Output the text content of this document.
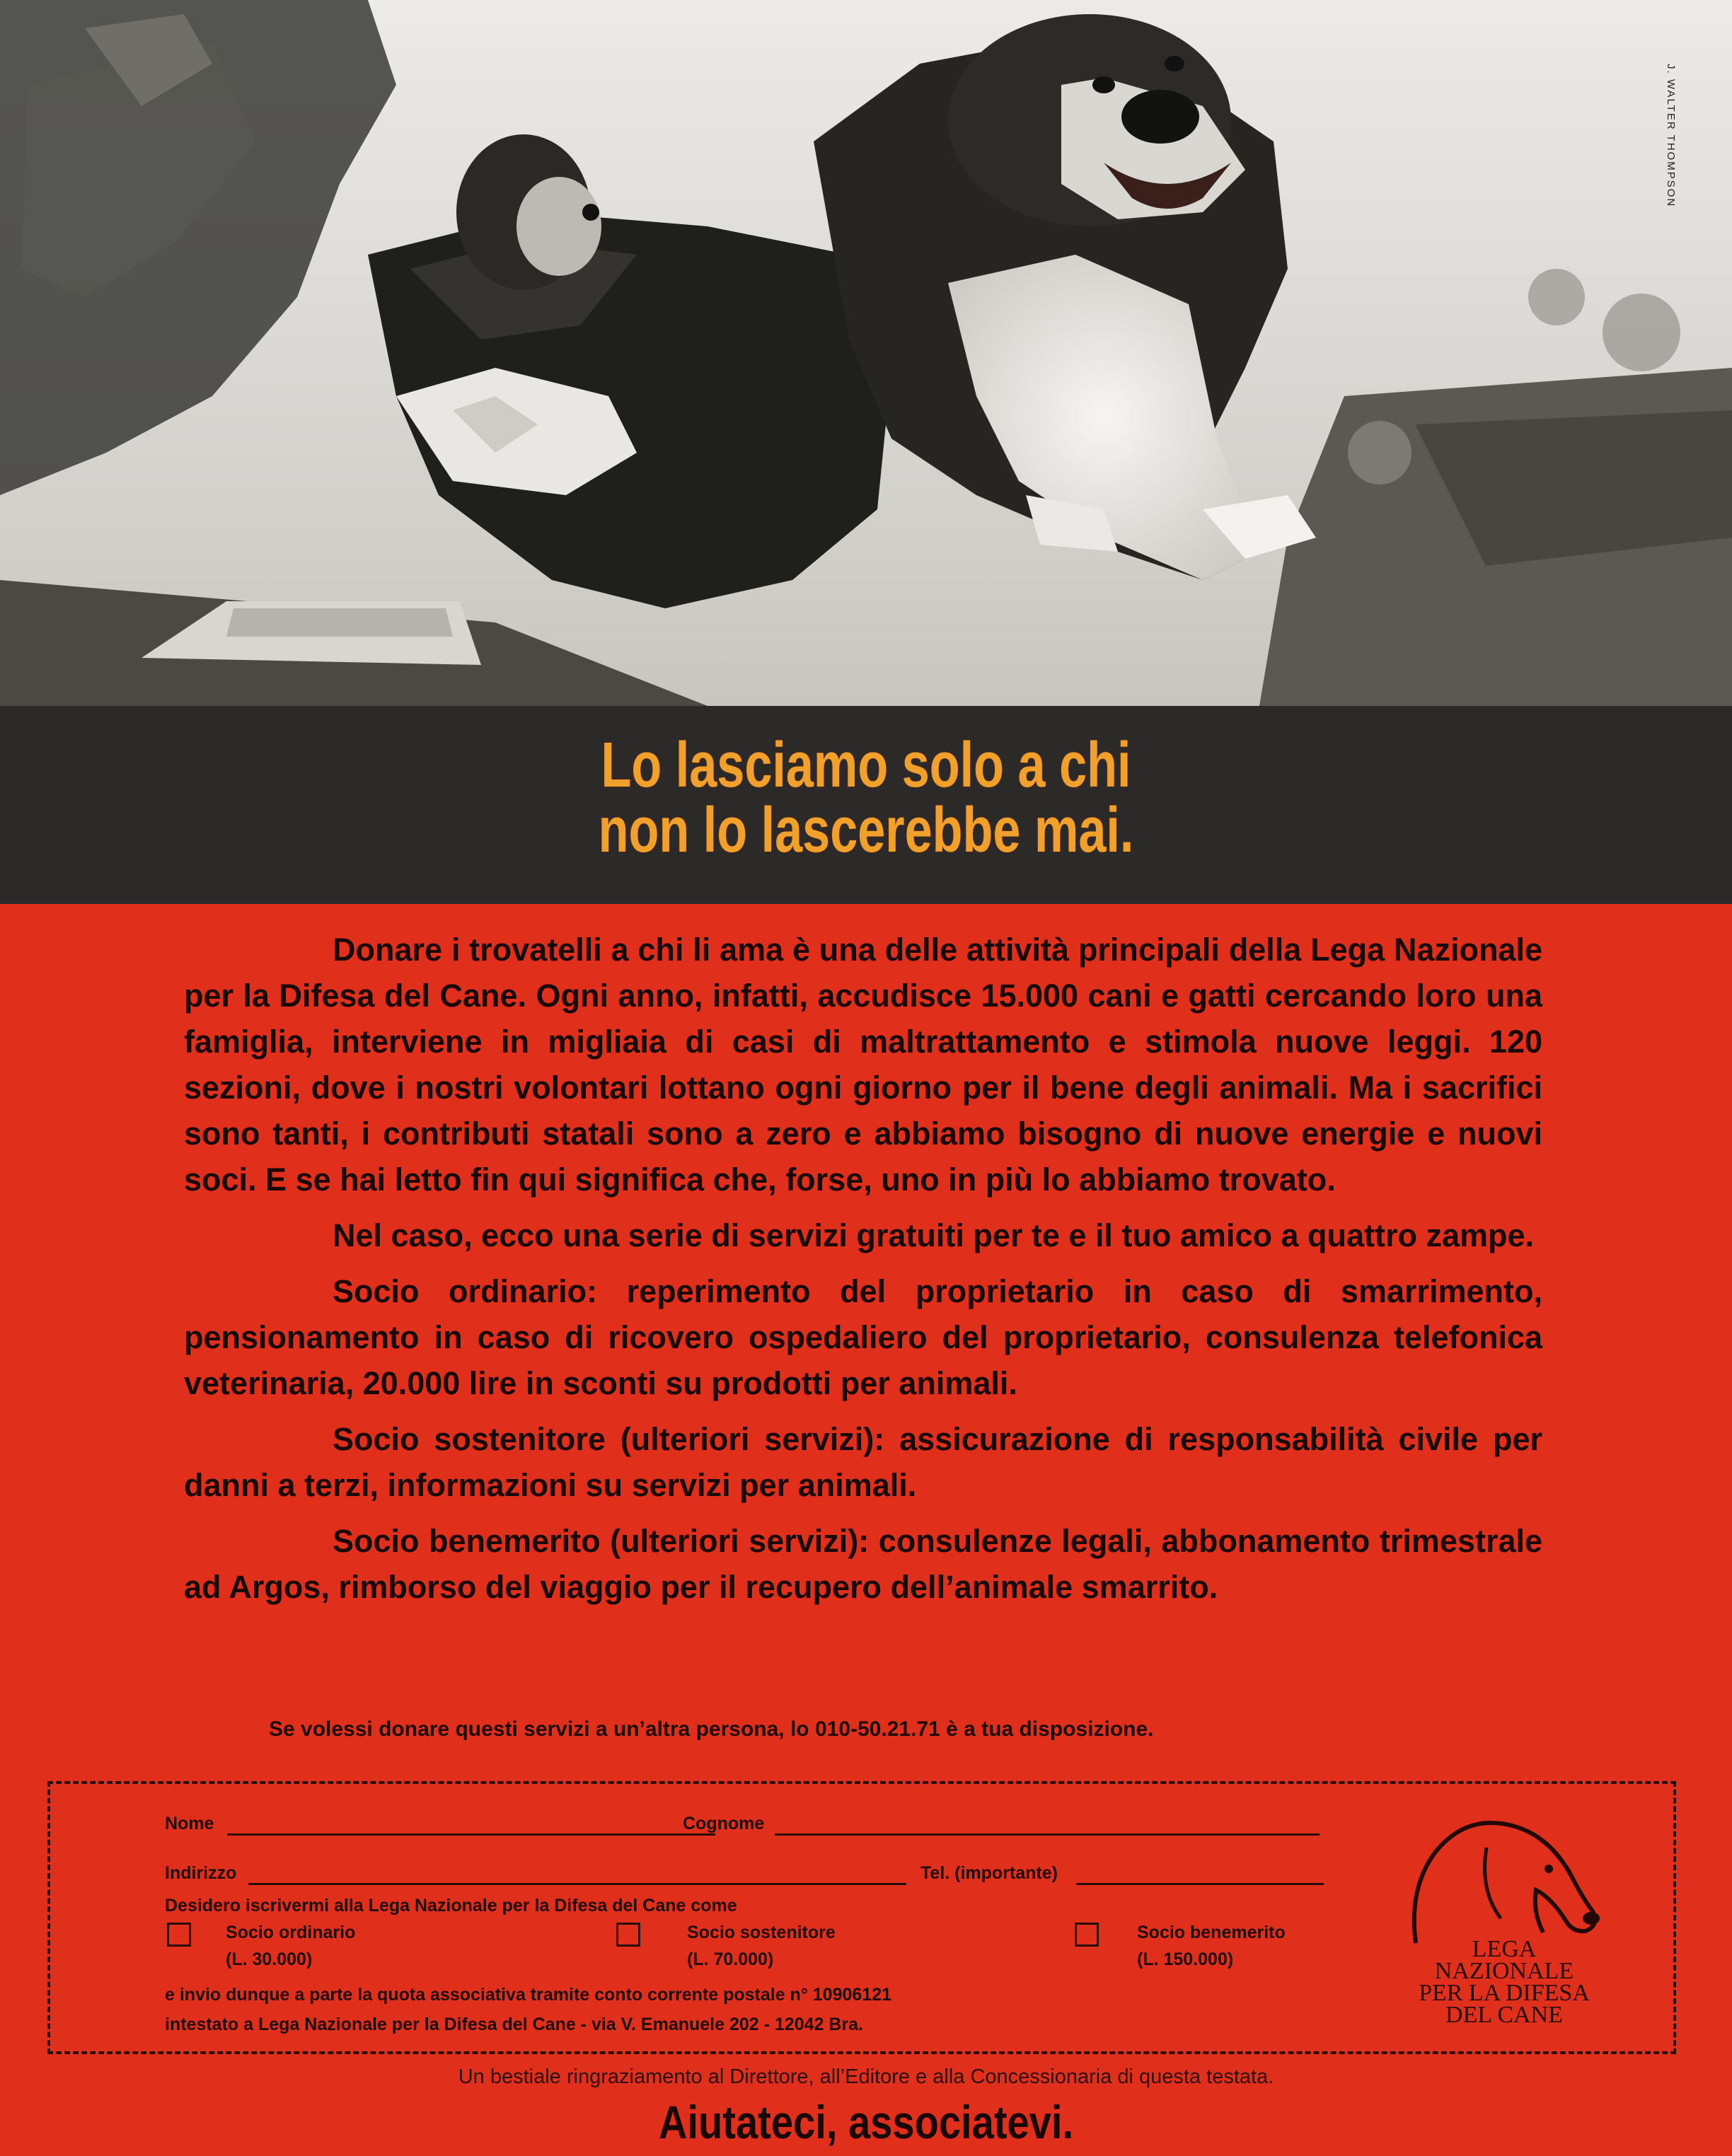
J. WALTER THOMPSON
Lo lasciamo solo a chi
non lo lascerebbe mai.

Donare i trovatelli a chi li ama è una delle attività principali della Lega Nazionale per la Difesa del Cane. Ogni anno, infatti, accudisce 15.000 cani e gatti cercando loro una famiglia, interviene in migliaia di casi di maltrattamento e stimola nuove leggi. 120 sezioni, dove i nostri volontari lottano ogni giorno per il bene degli animali. Ma i sacrifici sono tanti, i contributi statali sono a zero e abbiamo bisogno di nuove energie e nuovi soci. E se hai letto fin qui significa che, forse, uno in più lo abbiamo trovato.

Nel caso, ecco una serie di servizi gratuiti per te e il tuo amico a quattro zampe.

Socio ordinario: reperimento del proprietario in caso di smarrimento, pensionamento in caso di ricovero ospedaliero del proprietario, consulenza telefonica veterinaria, 20.000 lire in sconti su prodotti per animali.

Socio sostenitore (ulteriori servizi): assicurazione di responsabilità civile per danni a terzi, informazioni su servizi per animali.

Socio benemerito (ulteriori servizi): consulenze legali, abbonamento trimestrale ad Argos, rimborso del viaggio per il recupero dell’animale smarrito.

Se volessi donare questi servizi a un’altra persona, lo 010-50.21.71 è a tua disposizione.
Nome	Cognome
Indirizzo	Tel. (importante)
Desidero iscrivermi alla Lega Nazionale per la Difesa del Cane come
Socio ordinario
(L. 30.000)
Socio sostenitore
(L. 70.000)
Socio benemerito
(L. 150.000)
e invio dunque a parte la quota associativa tramite conto corrente postale n° 10906121
intestato a Lega Nazionale per la Difesa del Cane - via V. Emanuele 202 - 12042 Bra.
LEGA
NAZIONALE
PER LA DIFESA
DEL CANE
Un bestiale ringraziamento al Direttore, all’Editore e alla Concessionaria di questa testata.
Aiutateci, associatevi.
